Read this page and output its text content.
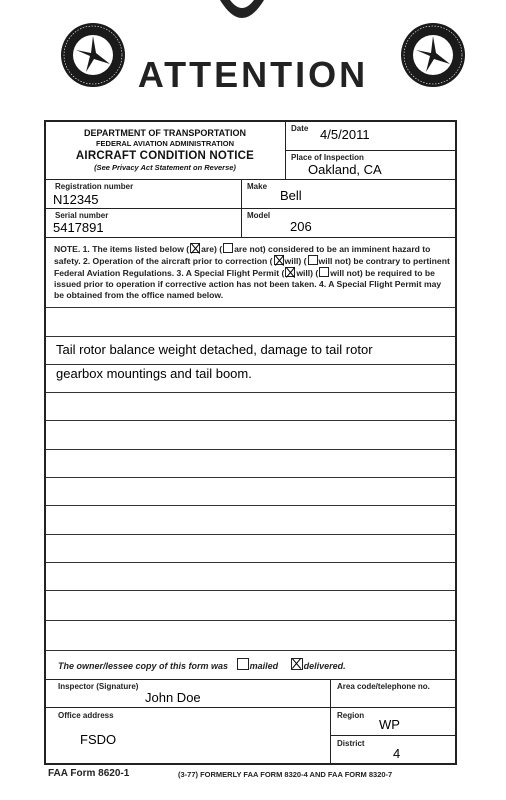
ATTENTION
DEPARTMENT OF TRANSPORTATION
FEDERAL AVIATION ADMINISTRATION
AIRCRAFT CONDITION NOTICE
(See Privacy Act Statement on Reverse)
Date 4/5/2011
Place of Inspection
Oakland, CA
Registration number
N12345
Make
Bell
Serial number
5417891
Model
206
NOTE. 1. The items listed below ( are) ( are not) considered to be an imminent hazard to safety. 2. Operation of the aircraft prior to correction ( will) ( will not) be contrary to pertinent Federal Aviation Regulations. 3. A Special Flight Permit ( will) ( will not) be required to be issued prior to operation if corrective action has not been taken. 4. A Special Flight Permit may be obtained from the office named below.
Tail rotor balance weight detached, damage to tail rotor
gearbox mountings and tail boom.
The owner/lessee copy of this form was mailed	delivered.
Inspector (Signature)
John Doe
Area code/telephone no.
Office address
FSDO
Region
WP
District
4
FAA Form 8620-1	(3-77) FORMERLY FAA FORM 8320-4 AND FAA FORM 8320-7
